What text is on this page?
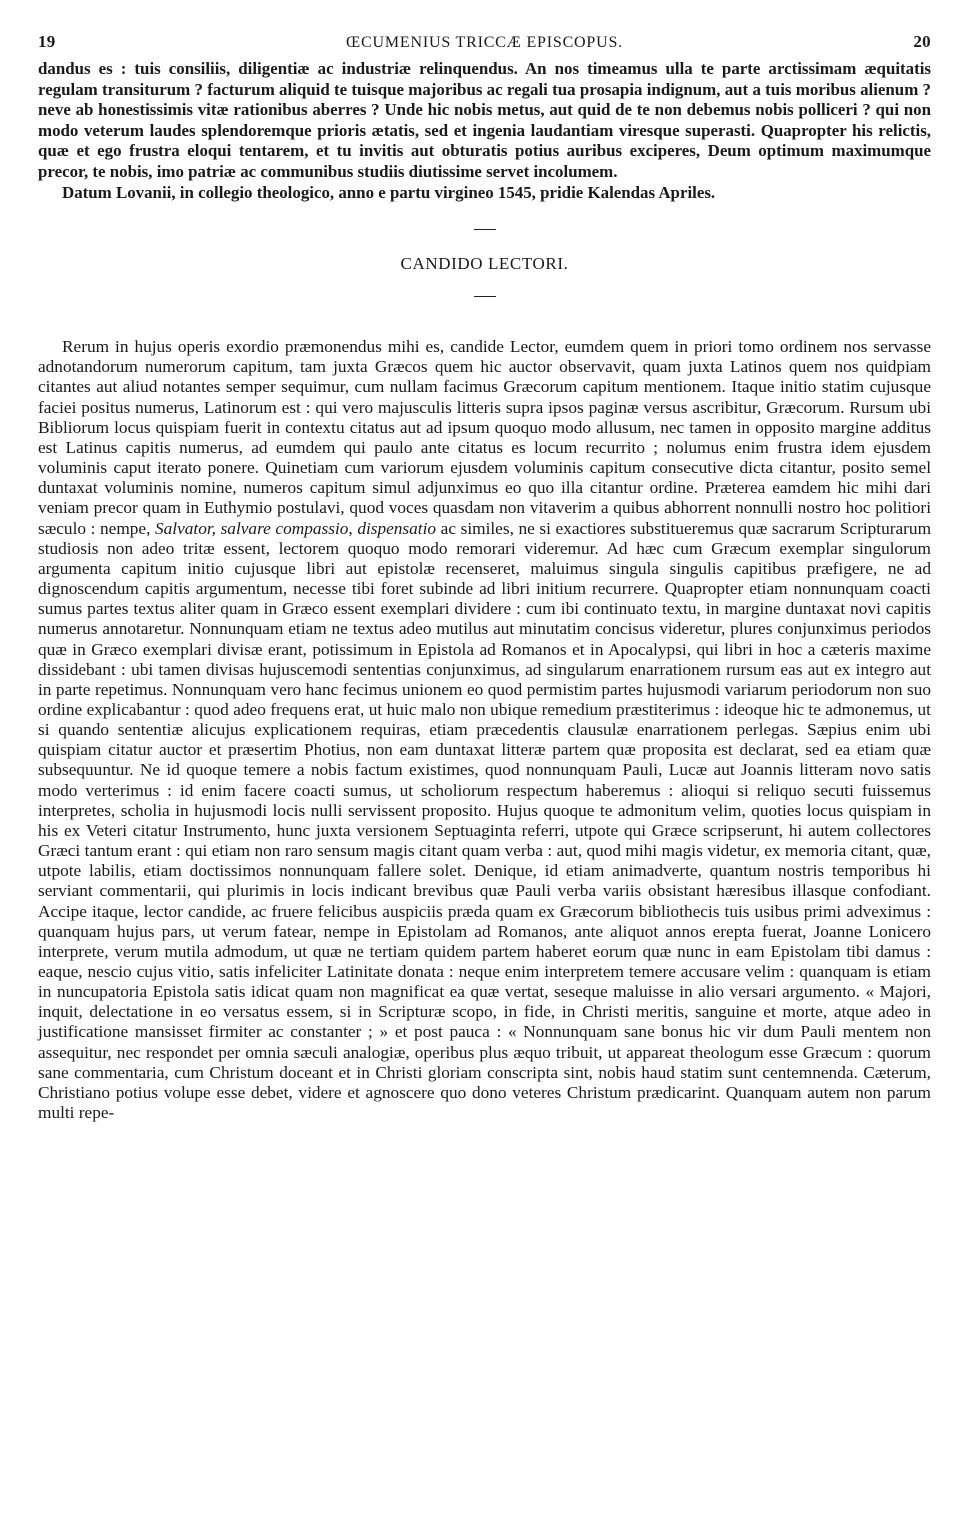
19	ŒCUMENIUS TRICCÆ EPISCOPUS.	20

dandus es : tuis consiliis, diligentiæ ac industriæ relinquendus. An nos timeamus ulla te parte arctissimam æquitatis regulam transiturum ? facturum aliquid te tuisque majoribus ac regali tua prosapia indignum, aut a tuis moribus alienum ? neve ab honestissimis vitæ rationibus aberres ? Unde hic nobis metus, aut quid de te non debemus nobis polliceri ? qui non modo veterum laudes splendoremque prioris ætatis, sed et ingenia laudantiam viresque superasti. Quapropter his relictis, quæ et ego frustra eloqui tentarem, et tu invitis aut obturatis potius auribus exciperes, Deum optimum maximumque precor, te nobis, imo patriæ ac communibus studiis diutissime servet incolumem.

Datum Lovanii, in collegio theologico, anno e partu virgineo 1545, pridie Kalendas Apriles.

CANDIDO LECTORI.

Rerum in hujus operis exordio præmonendus mihi es, candide Lector, eumdem quem in priori tomo ordinem nos servasse adnotandorum numerorum capitum, tam juxta Græcos quem hic auctor observavit, quam juxta Latinos quem nos quidpiam citantes aut aliud notantes semper sequimur, cum nullam facimus Græcorum capitum mentionem. Itaque initio statim cujusque faciei positus numerus, Latinorum est : qui vero majusculis litteris supra ipsos paginæ versus ascribitur, Græcorum. Rursum ubi Bibliorum locus quispiam fuerit in contextu citatus aut ad ipsum quoquo modo allusum, nec tamen in opposito margine additus est Latinus capitis numerus, ad eumdem qui paulo ante citatus es locum recurrito ; nolumus enim frustra idem ejusdem voluminis caput iterato ponere. Quinetiam cum variorum ejusdem voluminis capitum consecutive dicta citantur, posito semel duntaxat voluminis nomine, numeros capitum simul adjunximus eo quo illa citantur ordine. Præterea eamdem hic mihi dari veniam precor quam in Euthymio postulavi, quod voces quasdam non vitaverim a quibus abhorrent nonnulli nostro hoc politiori sæculo : nempe, Salvator, salvare compassio, dispensatio ac similes, ne si exactiores substitueremus quæ sacrarum Scripturarum studiosis non adeo tritæ essent, lectorem quoquo modo remorari videremur. Ad hæc cum Græcum exemplar singulorum argumenta capitum initio cujusque libri aut epistolæ recenseret, maluimus singula singulis capitibus præfigere, ne ad dignoscendum capitis argumentum, necesse tibi foret subinde ad libri initium recurrere. Quapropter etiam nonnunquam coacti sumus partes textus aliter quam in Græco essent exemplari dividere : cum ibi continuato textu, in margine duntaxat novi capitis numerus annotaretur. Nonnunquam etiam ne textus adeo mutilus aut minutatim concisus videretur, plures conjunximus periodos quæ in Græco exemplari divisæ erant, potissimum in Epistola ad Romanos et in Apocalypsi, qui libri in hoc a cæteris maxime dissidebant : ubi tamen divisas hujuscemodi sententias conjunximus, ad singularum enarrationem rursum eas aut ex integro aut in parte repetimus. Nonnunquam vero hanc fecimus unionem eo quod permistim partes hujusmodi variarum periodorum non suo ordine explicabantur : quod adeo frequens erat, ut huic malo non ubique remedium præstiterimus : ideoque hic te admonemus, ut si quando sententiæ alicujus explicationem requiras, etiam præcedentis clausulæ enarrationem perlegas. Sæpius enim ubi quispiam citatur auctor et præsertim Photius, non eam duntaxat litteræ partem quæ proposita est declarat, sed ea etiam quæ subsequuntur. Ne id quoque temere a nobis factum existimes, quod nonnunquam Pauli, Lucæ aut Joannis litteram novo satis modo verterimus : id enim facere coacti sumus, ut scholiorum respectum haberemus : alioqui si reliquo secuti fuissemus interpretes, scholia in hujusmodi locis nulli servissent proposito. Hujus quoque te admonitum velim, quoties locus quispiam in his ex Veteri citatur Instrumento, hunc juxta versionem Septuaginta referri, utpote qui Græce scripserunt, hi autem collectores Græci tantum erant : qui etiam non raro sensum magis citant quam verba : aut, quod mihi magis videtur, ex memoria citant, quæ, utpote labilis, etiam doctissimos nonnunquam fallere solet. Denique, id etiam animadverte, quantum nostris temporibus hi serviant commentarii, qui plurimis in locis indicant brevibus quæ Pauli verba variis obsistant hæresibus illasque confodiant. Accipe itaque, lector candide, ac fruere felicibus auspiciis præda quam ex Græcorum bibliothecis tuis usibus primi adveximus : quanquam hujus pars, ut verum fatear, nempe in Epistolam ad Romanos, ante aliquot annos erepta fuerat, Joanne Lonicero interprete, verum mutila admodum, ut quæ ne tertiam quidem partem haberet eorum quæ nunc in eam Epistolam tibi damus : eaque, nescio cujus vitio, satis infeliciter Latinitate donata : neque enim interpretem temere accusare velim : quanquam is etiam in nuncupatoria Epistola satis idicat quam non magnificat ea quæ vertat, seseque maluisse in alio versari argumento. « Majori, inquit, delectatione in eo versatus essem, si in Scripturæ scopo, in fide, in Christi meritis, sanguine et morte, atque adeo in justificatione mansisset firmiter ac constanter ; » et post pauca : « Nonnunquam sane bonus hic vir dum Pauli mentem non assequitur, nec respondet per omnia sæculi analogiæ, operibus plus æquo tribuit, ut appareat theologum esse Græcum : quorum sane commentaria, cum Christum doceant et in Christi gloriam conscripta sint, nobis haud statim sunt centemnenda. Cæterum, Christiano potius volupe esse debet, videre et agnoscere quo dono veteres Christum prædicarint. Quanquam autem non parum multi repe-
